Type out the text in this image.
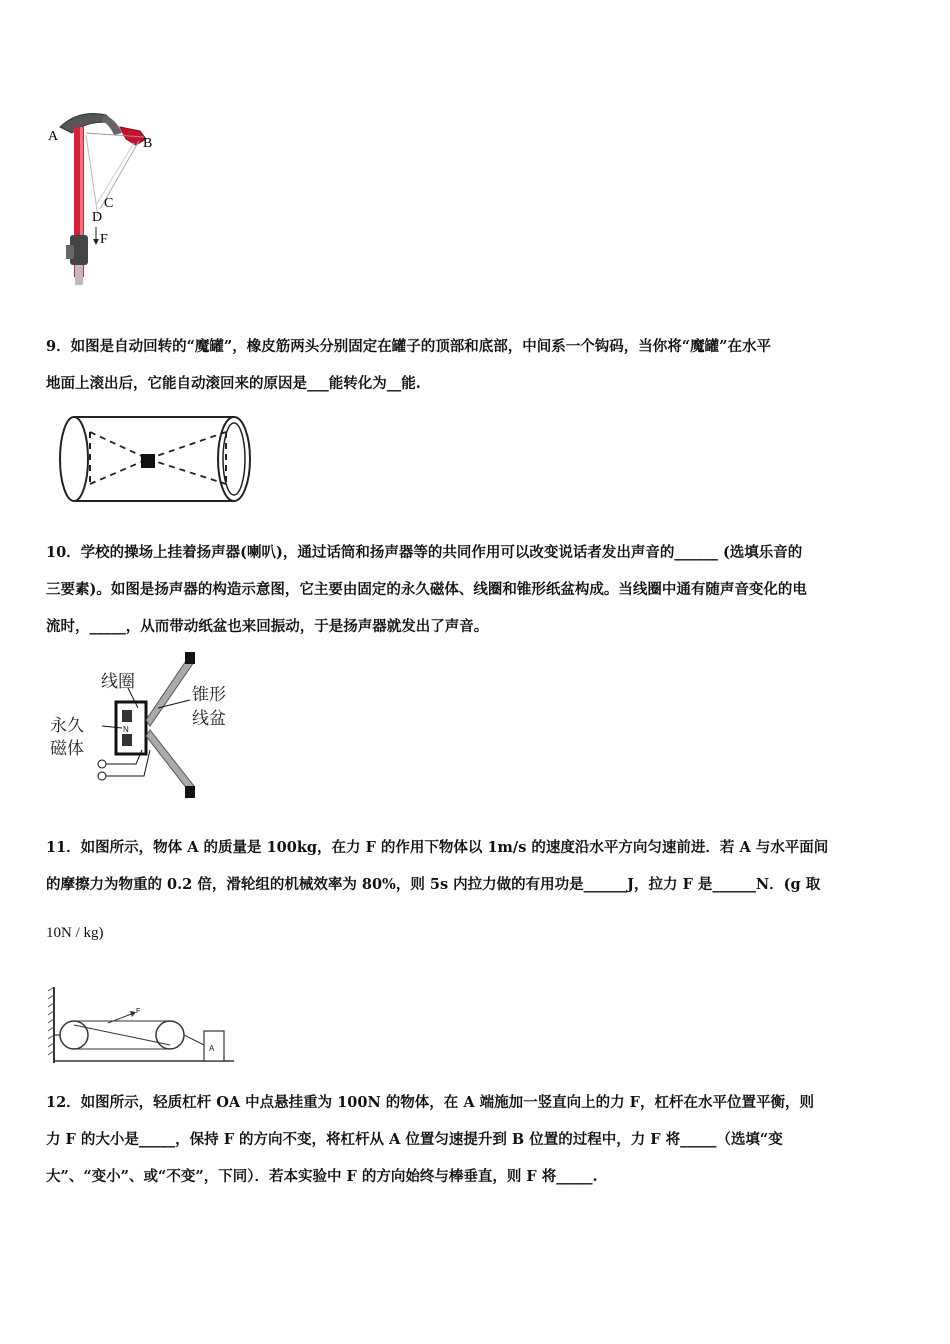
A	B
C
D
F
9．如图是自动回转的“魔罐”，橡皮筋两头分别固定在罐子的顶部和底部，中间系一个钩码，当你将“魔罐”在水平
地面上滚出后，它能自动滚回来的原因是___能转化为__能.
10．学校的操场上挂着扬声器(喇叭)，通过话筒和扬声器等的共同作用可以改变说话者发出声音的______ (选填乐音的
三要素)。如图是扬声器的构造示意图，它主要由固定的永久磁体、线圈和锥形纸盆构成。当线圈中通有随声音变化的电
流时，_____，从而带动纸盆也来回振动，于是扬声器就发出了声音。
线圈
永久
磁体
锥形
线盆
N
11．如图所示，物体 A 的质量是 100kg，在力 F 的作用下物体以 1m/s 的速度沿水平方向匀速前进．若 A 与水平面间
的摩擦力为物重的 0.2 倍，滑轮组的机械效率为 80%，则 5s 内拉力做的有用功是______J，拉力 F 是______N．(g 取
10N / kg)
F
A
12．如图所示，轻质杠杆 OA 中点悬挂重为 100N 的物体，在 A 端施加一竖直向上的力 F，杠杆在水平位置平衡，则
力 F 的大小是_____，保持 F 的方向不变，将杠杆从 A 位置匀速提升到 B 位置的过程中，力 F 将_____（选填“变
大”、“变小”、或“不变”，下同）．若本实验中 F 的方向始终与棒垂直，则 F 将_____.
